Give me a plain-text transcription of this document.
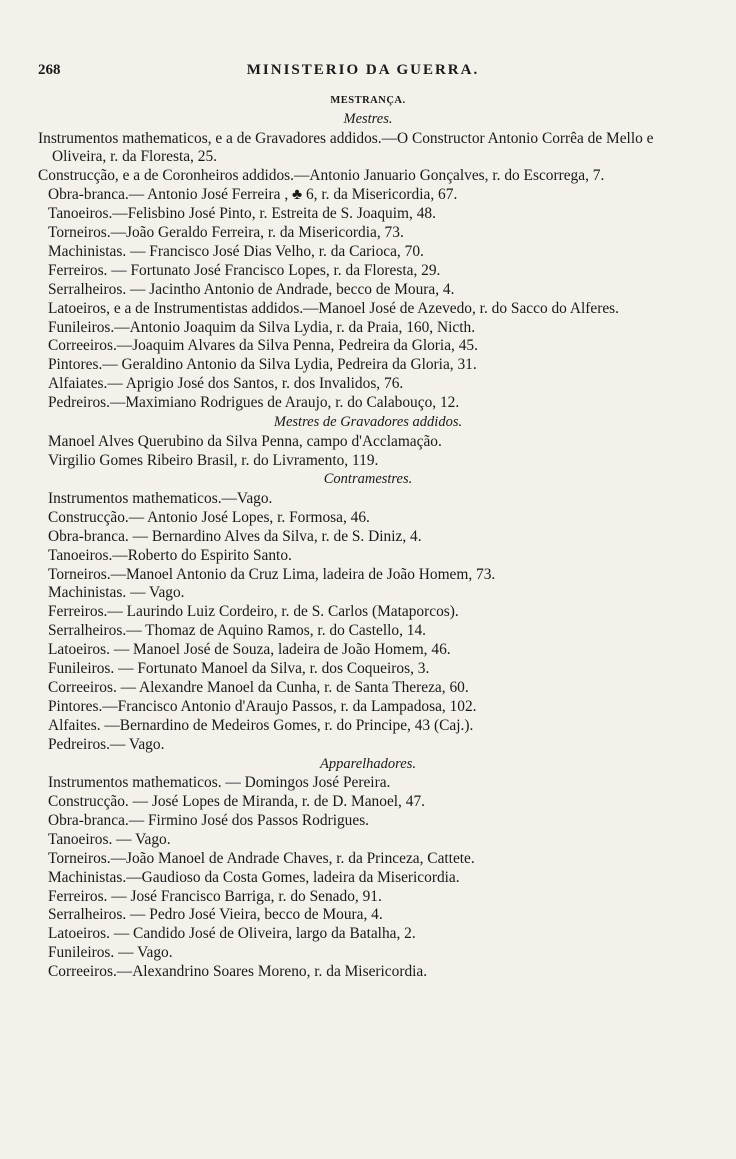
268	MINISTERIO DA GUERRA.
MESTRANÇA.
Mestres.
Instrumentos mathematicos, e a de Gravadores addidos.—O Constructor Antonio Corrêa de Mello e Oliveira, r. da Floresta, 25.
Construcção, e a de Coronheiros addidos.—Antonio Januario Gonçalves, r. do Escorrega, 7.
Obra-branca.— Antonio José Ferreira , ♣ 6, r. da Misericordia, 67.
Tanoeiros.—Felisbino José Pinto, r. Estreita de S. Joaquim, 48.
Torneiros.—João Geraldo Ferreira, r. da Misericordia, 73.
Machinistas. — Francisco José Dias Velho, r. da Carioca, 70.
Ferreiros. — Fortunato José Francisco Lopes, r. da Floresta, 29.
Serralheiros. — Jacintho Antonio de Andrade, becco de Moura, 4.
Latoeiros, e a de Instrumentistas addidos.—Manoel José de Azevedo, r. do Sacco do Alferes.
Funileiros.—Antonio Joaquim da Silva Lydia, r. da Praia, 160, Nicth.
Correeiros.—Joaquim Alvares da Silva Penna, Pedreira da Gloria, 45.
Pintores.— Geraldino Antonio da Silva Lydia, Pedreira da Gloria, 31.
Alfaiates.— Aprigio José dos Santos, r. dos Invalidos, 76.
Pedreiros.—Maximiano Rodrigues de Araujo, r. do Calabouço, 12.
Mestres de Gravadores addidos.
Manoel Alves Querubino da Silva Penna, campo d'Acclamação.
Virgilio Gomes Ribeiro Brasil, r. do Livramento, 119.
Contramestres.
Instrumentos mathematicos.—Vago.
Construcção.— Antonio José Lopes, r. Formosa, 46.
Obra-branca. — Bernardino Alves da Silva, r. de S. Diniz, 4.
Tanoeiros.—Roberto do Espirito Santo.
Torneiros.—Manoel Antonio da Cruz Lima, ladeira de João Homem, 73.
Machinistas. — Vago.
Ferreiros.— Laurindo Luiz Cordeiro, r. de S. Carlos (Mataporcos).
Serralheiros.— Thomaz de Aquino Ramos, r. do Castello, 14.
Latoeiros. — Manoel José de Souza, ladeira de João Homem, 46.
Funileiros. — Fortunato Manoel da Silva, r. dos Coqueiros, 3.
Correeiros. — Alexandre Manoel da Cunha, r. de Santa Thereza, 60.
Pintores.—Francisco Antonio d'Araujo Passos, r. da Lampadosa, 102.
Alfaites. —Bernardino de Medeiros Gomes, r. do Principe, 43 (Caj.).
Pedreiros.— Vago.
Apparelhadores.
Instrumentos mathematicos. — Domingos José Pereira.
Construcção. — José Lopes de Miranda, r. de D. Manoel, 47.
Obra-branca.— Firmino José dos Passos Rodrigues.
Tanoeiros. — Vago.
Torneiros.—João Manoel de Andrade Chaves, r. da Princeza, Cattete.
Machinistas.—Gaudioso da Costa Gomes, ladeira da Misericordia.
Ferreiros. — José Francisco Barriga, r. do Senado, 91.
Serralheiros. — Pedro José Vieira, becco de Moura, 4.
Latoeiros. — Candido José de Oliveira, largo da Batalha, 2.
Funileiros. — Vago.
Correeiros.—Alexandrino Soares Moreno, r. da Misericordia.
